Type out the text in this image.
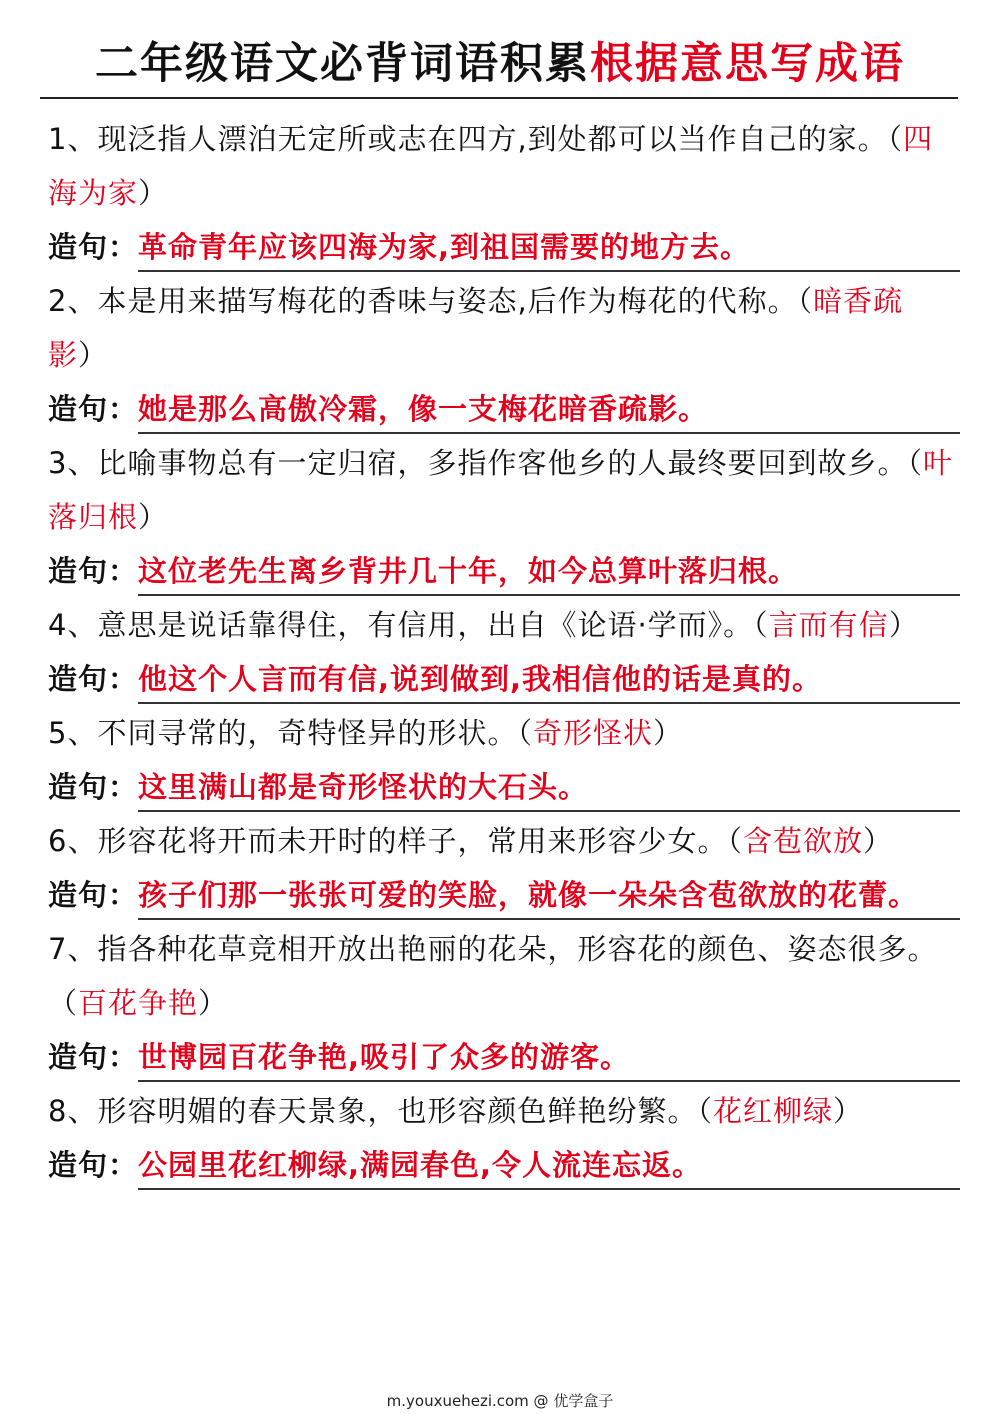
二年级语文必背词语积累根据意思写成语

1、现泛指人漂泊无定所或志在四方,到处都可以当作自己的家。（四海为家）

造句： 革命青年应该四海为家,到祖国需要的地方去。

2、本是用来描写梅花的香味与姿态,后作为梅花的代称。（暗香疏影）

造句： 她是那么高傲冷霜，像一支梅花暗香疏影。

3、比喻事物总有一定归宿，多指作客他乡的人最终要回到故乡。（叶落归根）

造句： 这位老先生离乡背井几十年，如今总算叶落归根。

4、意思是说话靠得住，有信用，出自《论语·学而》。（言而有信）

造句： 他这个人言而有信,说到做到,我相信他的话是真的。

5、不同寻常的，奇特怪异的形状。（奇形怪状）

造句： 这里满山都是奇形怪状的大石头。

6、形容花将开而未开时的样子，常用来形容少女。（含苞欲放）

造句： 孩子们那一张张可爱的笑脸，就像一朵朵含苞欲放的花蕾。

7、指各种花草竞相开放出艳丽的花朵，形容花的颜色、姿态很多。（百花争艳）

造句： 世博园百花争艳,吸引了众多的游客。

8、形容明媚的春天景象，也形容颜色鲜艳纷繁。（花红柳绿）

造句： 公园里花红柳绿,满园春色,令人流连忘返。
m.youxuehezi.com @ 优学盒子
